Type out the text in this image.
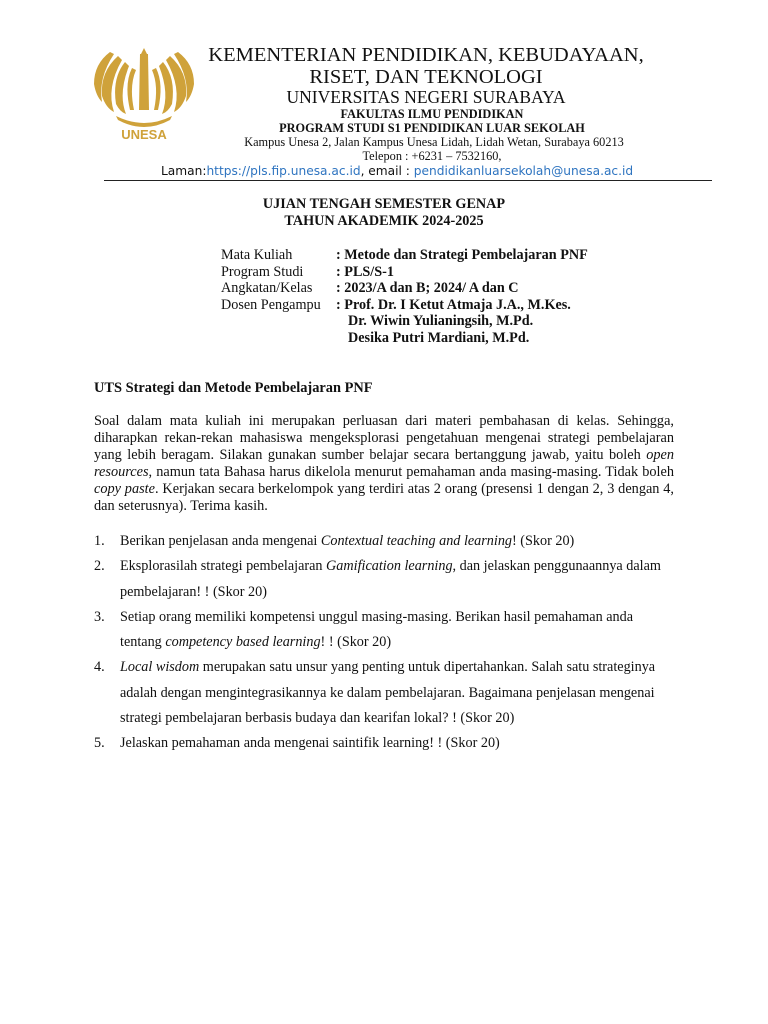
UNESA
KEMENTERIAN PENDIDIKAN, KEBUDAYAAN,
RISET, DAN TEKNOLOGI
UNIVERSITAS NEGERI SURABAYA
FAKULTAS ILMU PENDIDIKAN
PROGRAM STUDI S1 PENDIDIKAN LUAR SEKOLAH
Kampus Unesa 2, Jalan Kampus Unesa Lidah, Lidah Wetan, Surabaya 60213
Telepon : +6231 – 7532160,
Laman:https://pls.fip.unesa.ac.id, email : pendidikanluarsekolah@unesa.ac.id
UJIAN TENGAH SEMESTER GENAP
TAHUN AKADEMIK 2024-2025
Mata Kuliah	: Metode dan Strategi Pembelajaran PNF
Program Studi	: PLS/S-1
Angkatan/Kelas	: 2023/A dan B; 2024/ A dan C
Dosen Pengampu	: Prof. Dr. I Ketut Atmaja J.A., M.Kes.
Dr. Wiwin Yulianingsih, M.Pd.
Desika Putri Mardiani, M.Pd.
UTS Strategi dan Metode Pembelajaran PNF
Soal dalam mata kuliah ini merupakan perluasan dari materi pembahasan di kelas. Sehingga, diharapkan rekan-rekan mahasiswa mengeksplorasi pengetahuan mengenai strategi pembelajaran yang lebih beragam. Silakan gunakan sumber belajar secara bertanggung jawab, yaitu boleh open resources, namun tata Bahasa harus dikelola menurut pemahaman anda masing-masing. Tidak boleh copy paste. Kerjakan secara berkelompok yang terdiri atas 2 orang (presensi 1 dengan 2, 3 dengan 4, dan seterusnya). Terima kasih.
1.	Berikan penjelasan anda mengenai Contextual teaching and learning! (Skor 20)
2.	Eksplorasilah strategi pembelajaran Gamification learning, dan jelaskan penggunaannya dalam pembelajaran! ! (Skor 20)
3.	Setiap orang memiliki kompetensi unggul masing-masing. Berikan hasil pemahaman anda tentang competency based learning! ! (Skor 20)
4.	Local wisdom merupakan satu unsur yang penting untuk dipertahankan. Salah satu strateginya adalah dengan mengintegrasikannya ke dalam pembelajaran. Bagaimana penjelasan mengenai strategi pembelajaran berbasis budaya dan kearifan lokal? ! (Skor 20)
5.	Jelaskan pemahaman anda mengenai saintifik learning! ! (Skor 20)
